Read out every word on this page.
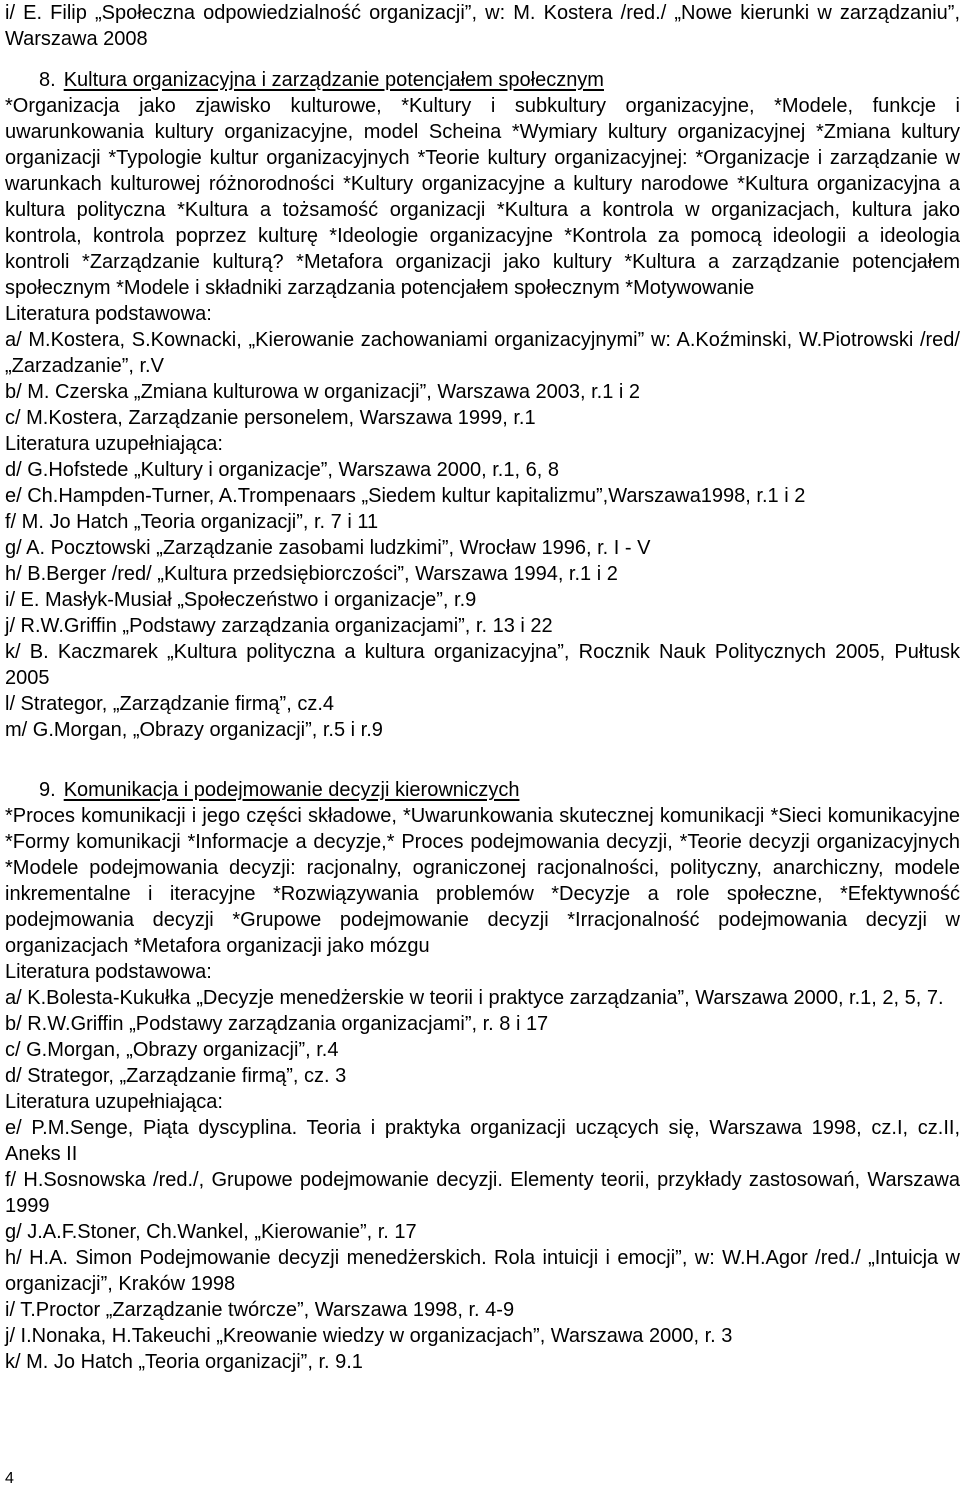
i/ E. Filip „Społeczna odpowiedzialność organizacji”, w: M. Kostera /red./ „Nowe kierunki w zarządzaniu”, Warszawa 2008

8. Kultura organizacyjna i zarządzanie potencjałem społecznym

*Organizacja jako zjawisko kulturowe, *Kultury i subkultury organizacyjne, *Modele, funkcje i uwarunkowania kultury organizacyjne, model Scheina *Wymiary kultury organizacyjnej *Zmiana kultury organizacji *Typologie kultur organizacyjnych *Teorie kultury organizacyjnej: *Organizacje i zarządzanie w warunkach kulturowej różnorodności *Kultury organizacyjne a kultury narodowe *Kultura organizacyjna a kultura polityczna *Kultura a tożsamość organizacji *Kultura a kontrola w organizacjach, kultura jako kontrola, kontrola poprzez kulturę *Ideologie organizacyjne *Kontrola za pomocą ideologii a ideologia kontroli *Zarządzanie kulturą? *Metafora organizacji jako kultury *Kultura a zarządzanie potencjałem społecznym *Modele i składniki zarządzania potencjałem społecznym *Motywowanie

Literatura podstawowa:

a/ M.Kostera, S.Kownacki, „Kierowanie zachowaniami organizacyjnymi” w: A.Koźminski, W.Piotrowski /red/ „Zarzadzanie”, r.V

b/ M. Czerska „Zmiana kulturowa w organizacji”, Warszawa 2003, r.1 i 2

c/ M.Kostera, Zarządzanie personelem, Warszawa 1999, r.1

Literatura uzupełniająca:

d/ G.Hofstede „Kultury i organizacje”, Warszawa 2000, r.1, 6, 8

e/ Ch.Hampden-Turner, A.Trompenaars „Siedem kultur kapitalizmu”,Warszawa1998, r.1 i 2

f/ M. Jo Hatch „Teoria organizacji”, r. 7 i 11

g/ A. Pocztowski „Zarządzanie zasobami ludzkimi”, Wrocław 1996, r. I - V

h/ B.Berger /red/ „Kultura przedsiębiorczości”, Warszawa 1994, r.1 i 2

i/ E. Masłyk-Musiał „Społeczeństwo i organizacje”, r.9

j/ R.W.Griffin „Podstawy zarządzania organizacjami”, r. 13 i 22

k/ B. Kaczmarek „Kultura polityczna a kultura organizacyjna”, Rocznik Nauk Politycznych 2005, Pułtusk 2005

l/ Strategor, „Zarządzanie firmą”, cz.4

m/ G.Morgan, „Obrazy organizacji”, r.5 i r.9

9. Komunikacja i podejmowanie decyzji kierowniczych

*Proces komunikacji i jego części składowe, *Uwarunkowania skutecznej komunikacji *Sieci komunikacyjne *Formy komunikacji *Informacje a decyzje,* Proces podejmowania decyzji, *Teorie decyzji organizacyjnych *Modele podejmowania decyzji: racjonalny, ograniczonej racjonalności, polityczny, anarchiczny, modele inkrementalne i iteracyjne *Rozwiązywania problemów *Decyzje a role społeczne, *Efektywność podejmowania decyzji *Grupowe podejmowanie decyzji *Irracjonalność podejmowania decyzji w organizacjach *Metafora organizacji jako mózgu

Literatura podstawowa:

a/ K.Bolesta-Kukułka „Decyzje menedżerskie w teorii i praktyce zarządzania”, Warszawa 2000, r.1, 2, 5, 7.

b/ R.W.Griffin „Podstawy zarządzania organizacjami”, r. 8 i 17

c/ G.Morgan, „Obrazy organizacji”, r.4

d/ Strategor, „Zarządzanie firmą”, cz. 3

Literatura uzupełniająca:

e/ P.M.Senge, Piąta dyscyplina. Teoria i praktyka organizacji uczących się, Warszawa 1998, cz.I, cz.II, Aneks II

f/ H.Sosnowska /red./, Grupowe podejmowanie decyzji. Elementy teorii, przykłady zastosowań, Warszawa 1999

g/ J.A.F.Stoner, Ch.Wankel, „Kierowanie”, r. 17

h/ H.A. Simon Podejmowanie decyzji menedżerskich. Rola intuicji i emocji”, w: W.H.Agor /red./ „Intuicja w organizacji”, Kraków 1998

i/ T.Proctor „Zarządzanie twórcze”, Warszawa 1998, r. 4-9

j/ I.Nonaka, H.Takeuchi „Kreowanie wiedzy w organizacjach”, Warszawa 2000, r. 3

k/ M. Jo Hatch „Teoria organizacji”, r. 9.1

4
